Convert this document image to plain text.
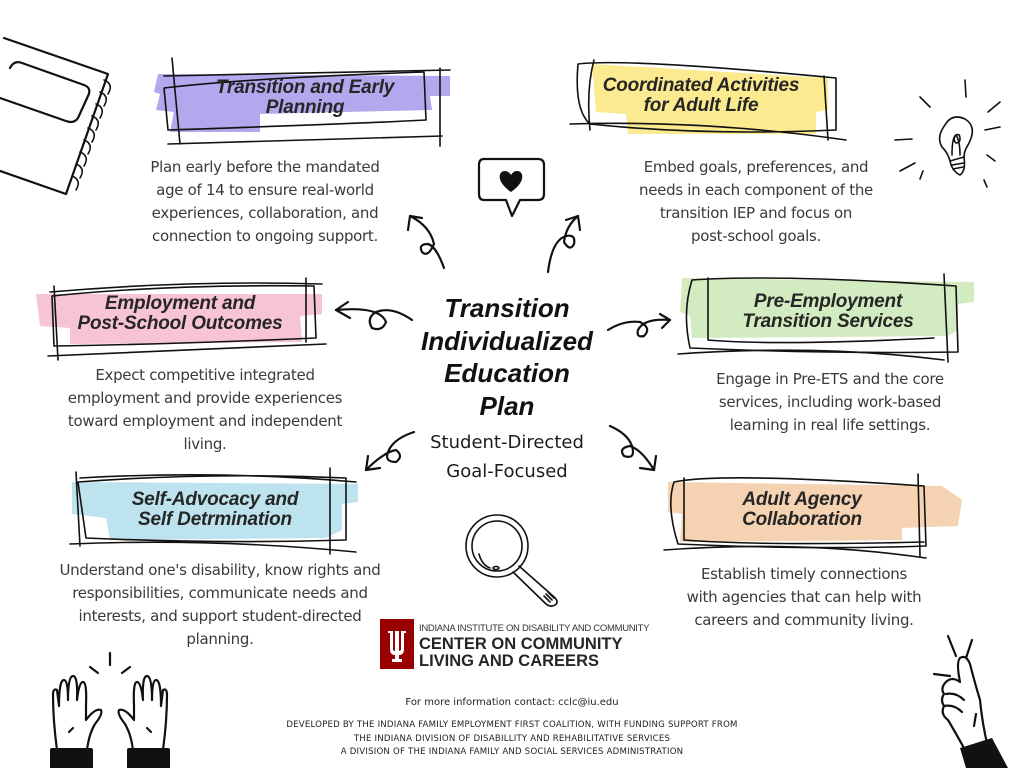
Transition and Early
Planning
Plan early before the mandated
age of 14 to ensure real-world
experiences, collaboration, and
connection to ongoing support.
Coordinated Activities
for Adult Life
Embed goals, preferences, and
needs in each component of the
transition IEP and focus on
post-school goals.
Employment and
Post-School Outcomes
Expect competitive integrated
employment and provide experiences
toward employment and independent
living.
Pre-Employment
Transition Services
Engage in Pre-ETS and the core
services, including work-based
learning in real life settings.
Self-Advocacy and
Self Detrmination
Understand one's disability, know rights and
responsibilities, communicate needs and
interests, and support student-directed
planning.
Adult Agency
Collaboration
Establish timely connections
with agencies that can help with
careers and community living.
Transition
Individualized
Education
Plan
Student-Directed
Goal-Focused
INDIANA INSTITUTE ON DISABILITY AND COMMUNITY
CENTER ON COMMUNITY
LIVING AND CAREERS
For more information contact: cclc@iu.edu
DEVELOPED BY THE INDIANA FAMILY EMPLOYMENT FIRST COALITION, WITH FUNDING SUPPORT FROM
THE INDIANA DIVISION OF DISABILLITY AND REHABILITATIVE SERVICES
A DIVISION OF THE INDIANA FAMILY AND SOCIAL SERVICES ADMINISTRATION
